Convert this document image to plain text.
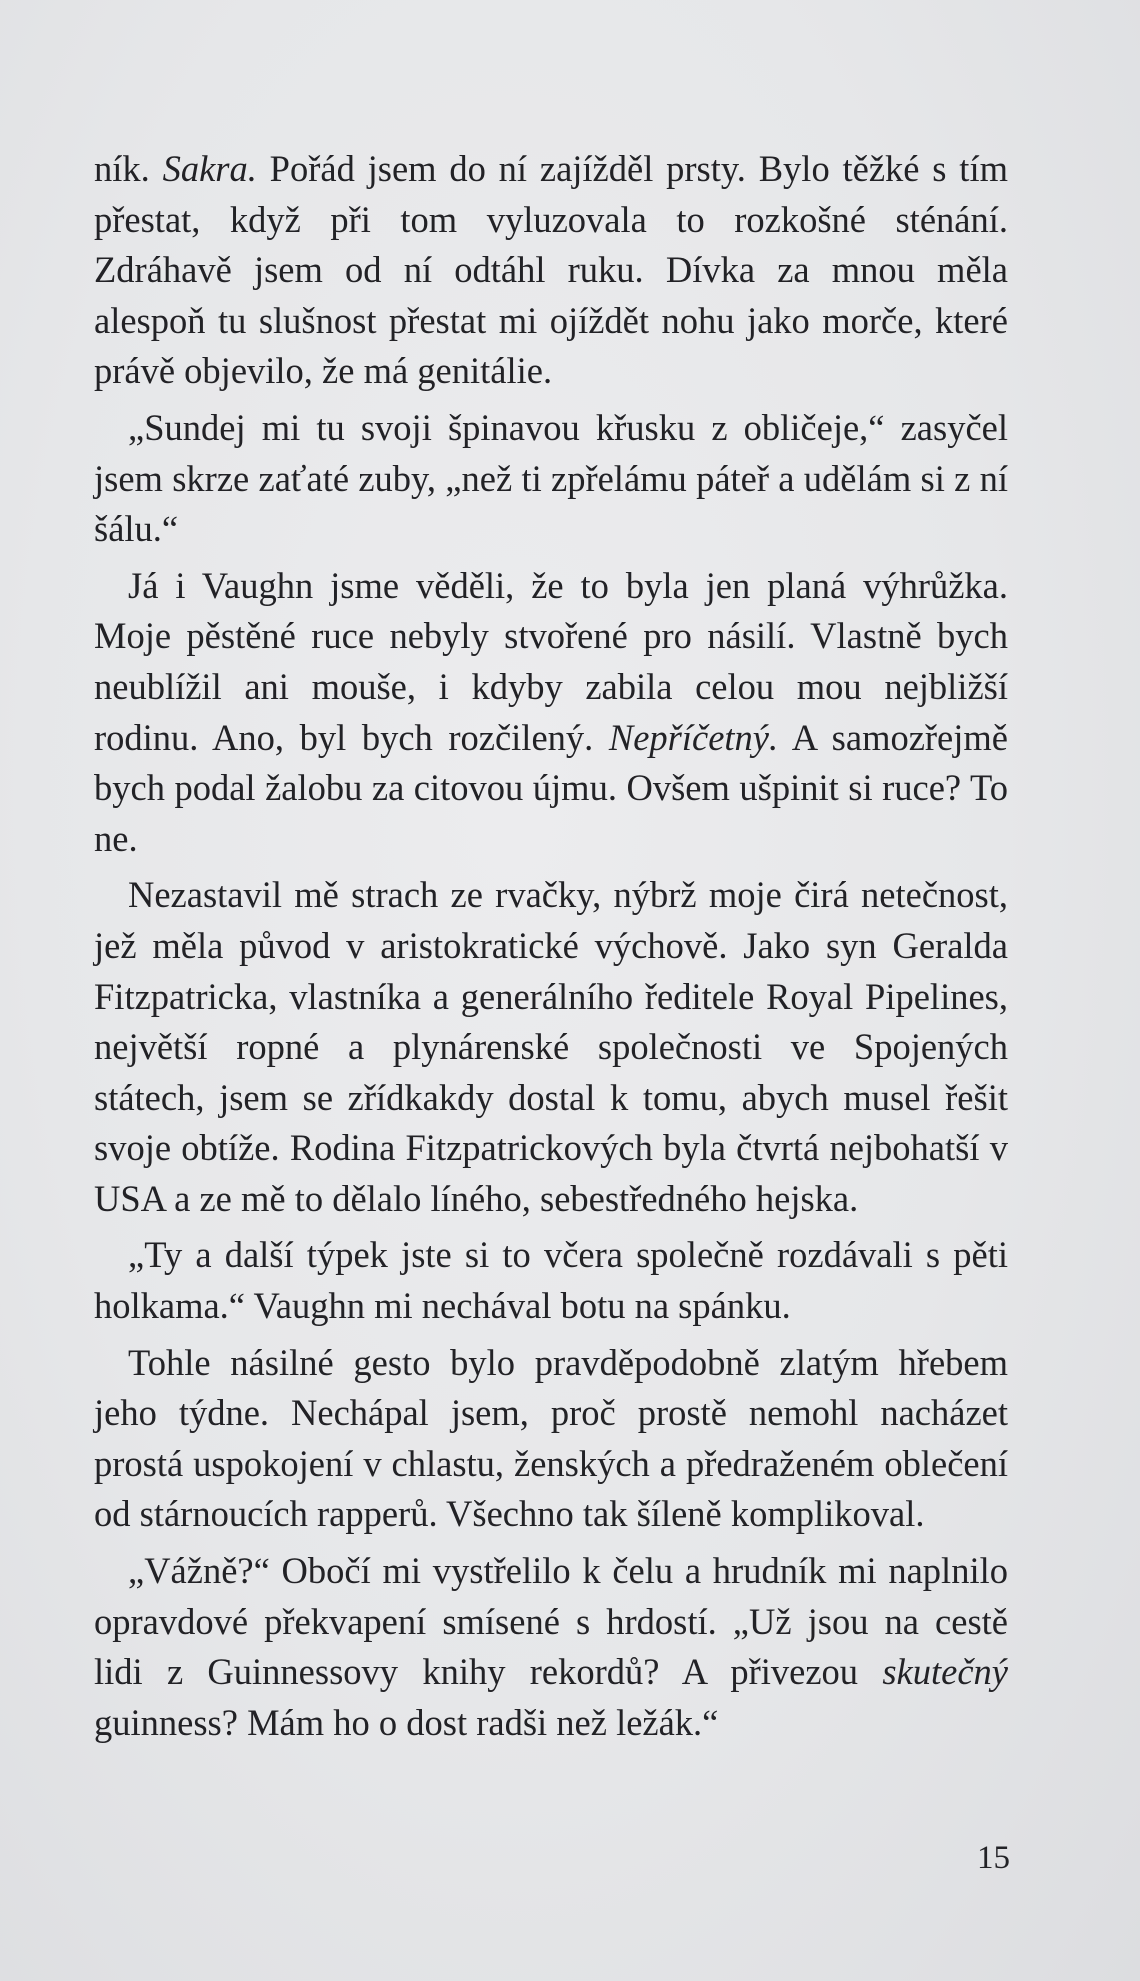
ník. Sakra. Pořád jsem do ní zajížděl prsty. Bylo těžké s tím přestat, když při tom vyluzovala to rozkošné sténání. Zdráhavě jsem od ní odtáhl ruku. Dívka za mnou měla alespoň tu slušnost přestat mi ojíždět nohu jako morče, které právě objevilo, že má genitálie.

„Sundej mi tu svoji špinavou křusku z obličeje,“ zasyčel jsem skrze zaťaté zuby, „než ti zpřelámu páteř a udělám si z ní šálu.“

Já i Vaughn jsme věděli, že to byla jen planá výhrůžka. Moje pěstěné ruce nebyly stvořené pro násilí. Vlastně bych neublížil ani mouše, i kdyby zabila celou mou nejbližší rodinu. Ano, byl bych rozčilený. Nepříčetný. A samozřejmě bych podal žalobu za citovou újmu. Ovšem ušpinit si ruce? To ne.

Nezastavil mě strach ze rvačky, nýbrž moje čirá netečnost, jež měla původ v aristokratické výchově. Jako syn Geralda Fitzpatricka, vlastníka a generálního ředitele Royal Pipelines, největší ropné a plynárenské společnosti ve Spojených státech, jsem se zřídkakdy dostal k tomu, abych musel řešit svoje obtíže. Rodina Fitzpatrickových byla čtvrtá nejbohatší v USA a ze mě to dělalo líného, sebestředného hejska.

„Ty a další týpek jste si to včera společně rozdávali s pěti holkama.“ Vaughn mi nechával botu na spánku.

Tohle násilné gesto bylo pravděpodobně zlatým hřebem jeho týdne. Nechápal jsem, proč prostě nemohl nacházet prostá uspokojení v chlastu, ženských a předraženém oblečení od stárnoucích rapperů. Všechno tak šíleně komplikoval.

„Vážně?“ Obočí mi vystřelilo k čelu a hrudník mi naplnilo opravdové překvapení smísené s hrdostí. „Už jsou na cestě lidi z Guinnessovy knihy rekordů? A přivezou skutečný guinness? Mám ho o dost radši než ležák.“

15
